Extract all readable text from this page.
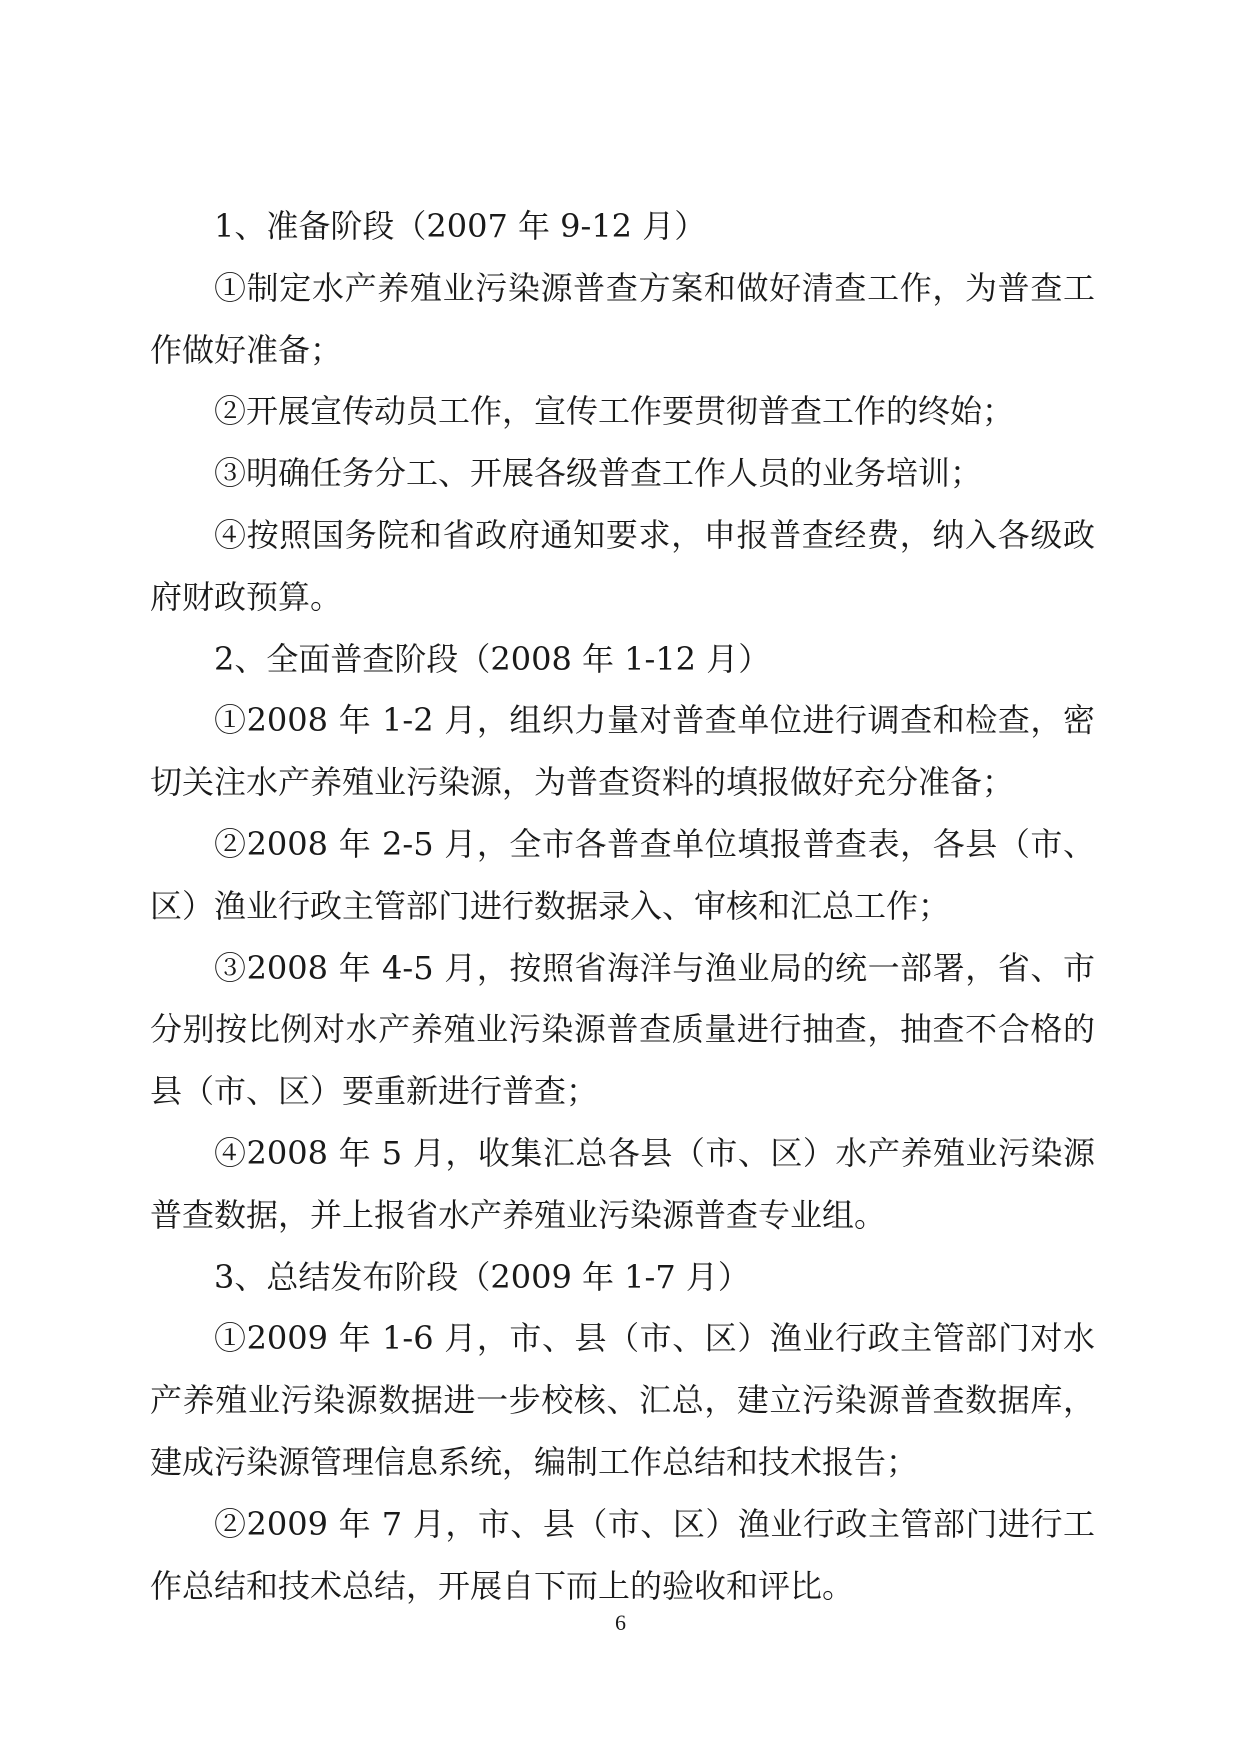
1、准备阶段（2007 年 9-12 月）

①制定水产养殖业污染源普查方案和做好清查工作，为普查工作做好准备；

②开展宣传动员工作，宣传工作要贯彻普查工作的终始；

③明确任务分工、开展各级普查工作人员的业务培训；

④按照国务院和省政府通知要求，申报普查经费，纳入各级政府财政预算。

2、全面普查阶段（2008 年 1-12 月）

①2008 年 1-2 月，组织力量对普查单位进行调查和检查，密切关注水产养殖业污染源，为普查资料的填报做好充分准备；

②2008 年 2-5 月，全市各普查单位填报普查表，各县（市、区）渔业行政主管部门进行数据录入、审核和汇总工作；

③2008 年 4-5 月，按照省海洋与渔业局的统一部署，省、市分别按比例对水产养殖业污染源普查质量进行抽查，抽查不合格的县（市、区）要重新进行普查；

④2008 年 5 月，收集汇总各县（市、区）水产养殖业污染源普查数据，并上报省水产养殖业污染源普查专业组。

3、总结发布阶段（2009 年 1-7 月）

①2009 年 1-6 月，市、县（市、区）渔业行政主管部门对水产养殖业污染源数据进一步校核、汇总，建立污染源普查数据库，建成污染源管理信息系统，编制工作总结和技术报告；

②2009 年 7 月，市、县（市、区）渔业行政主管部门进行工作总结和技术总结，开展自下而上的验收和评比。

6
